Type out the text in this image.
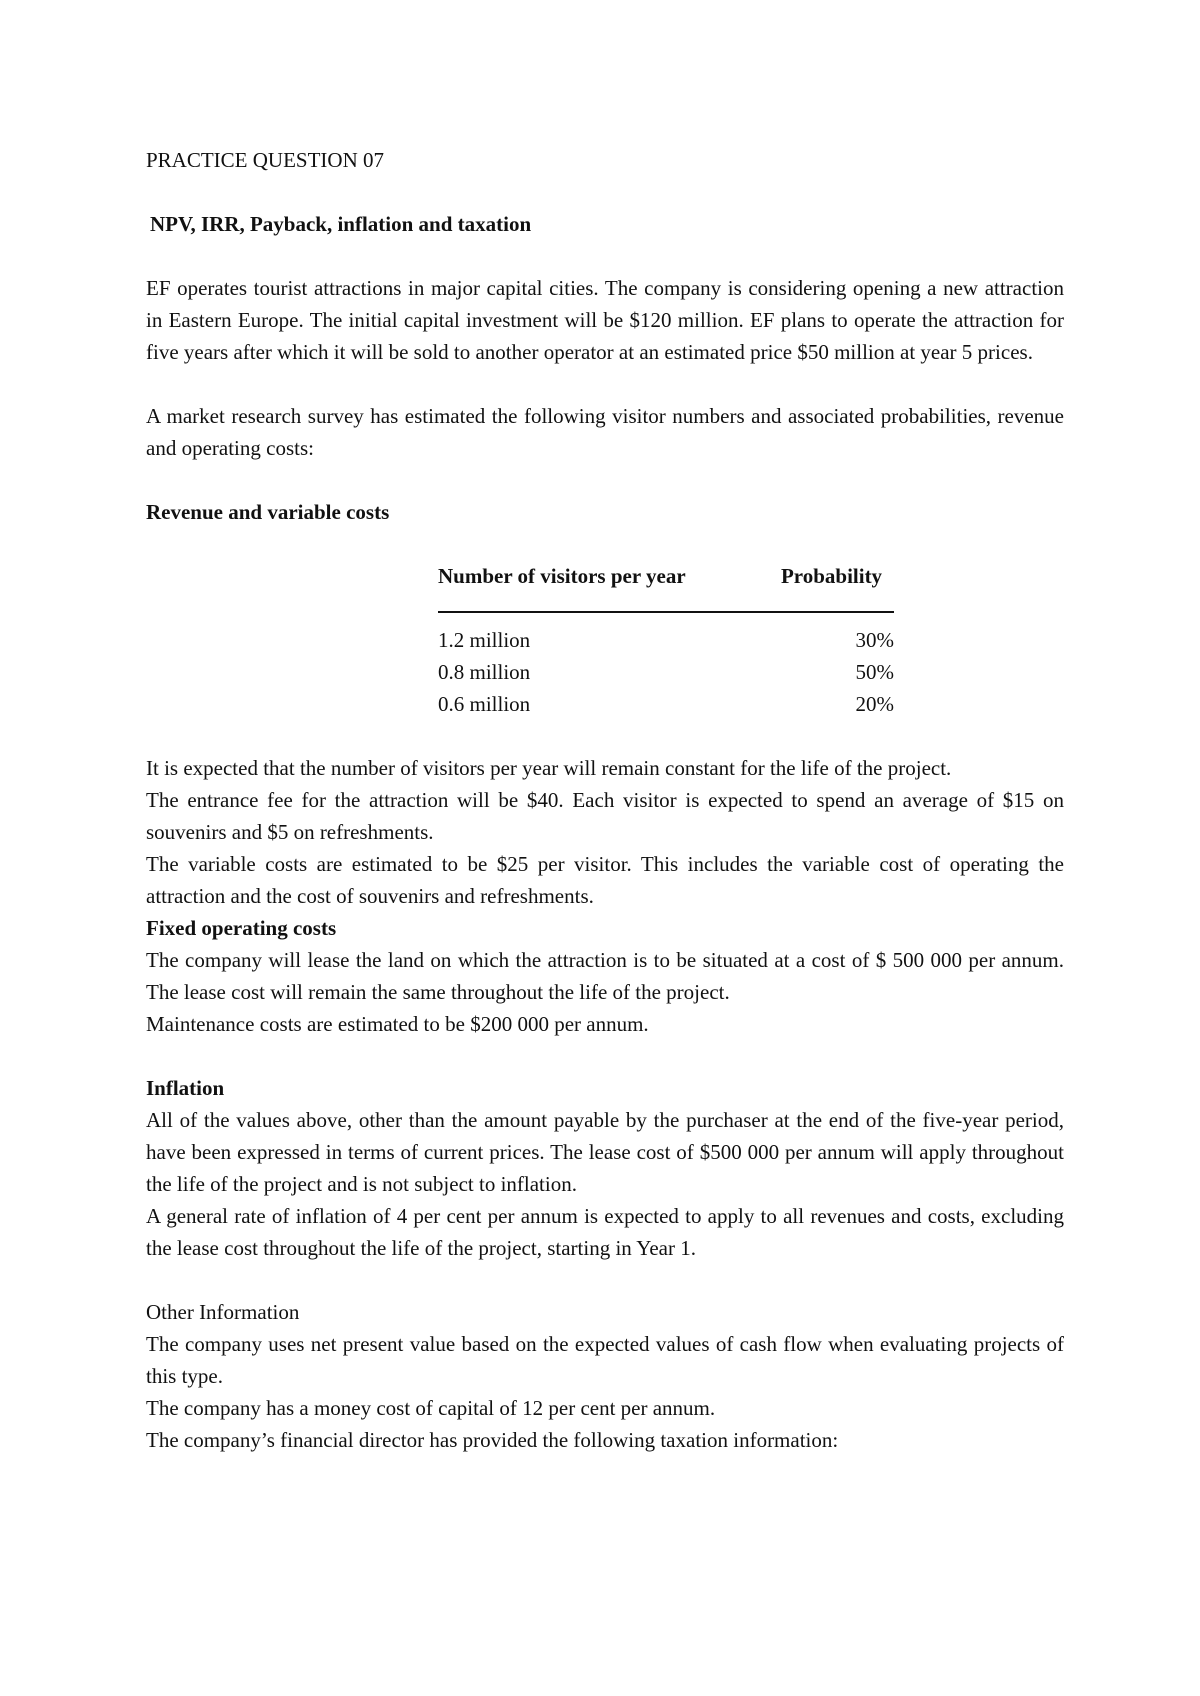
PRACTICE QUESTION 07

NPV, IRR, Payback, inflation and taxation

EF operates tourist attractions in major capital cities. The company is considering opening a new attraction in Eastern Europe. The initial capital investment will be $120 million. EF plans to operate the attraction for five years after which it will be sold to another operator at an estimated price $50 million at year 5 prices.

A market research survey has estimated the following visitor numbers and associated probabilities, revenue and operating costs:

Revenue and variable costs

Number of visitors per year	Probability
1.2 million	30%
0.8 million	50%
0.6 million	20%

It is expected that the number of visitors per year will remain constant for the life of the project.

The entrance fee for the attraction will be $40. Each visitor is expected to spend an average of $15 on souvenirs and $5 on refreshments.

The variable costs are estimated to be $25 per visitor. This includes the variable cost of operating the attraction and the cost of souvenirs and refreshments.

Fixed operating costs

The company will lease the land on which the attraction is to be situated at a cost of $ 500 000 per annum. The lease cost will remain the same throughout the life of the project.

Maintenance costs are estimated to be $200 000 per annum.

Inflation

All of the values above, other than the amount payable by the purchaser at the end of the five-year period, have been expressed in terms of current prices. The lease cost of $500 000 per annum will apply throughout the life of the project and is not subject to inflation.

A general rate of inflation of 4 per cent per annum is expected to apply to all revenues and costs, excluding the lease cost throughout the life of the project, starting in Year 1.

Other Information

The company uses net present value based on the expected values of cash flow when evaluating projects of this type.

The company has a money cost of capital of 12 per cent per annum.

The company’s financial director has provided the following taxation information:
